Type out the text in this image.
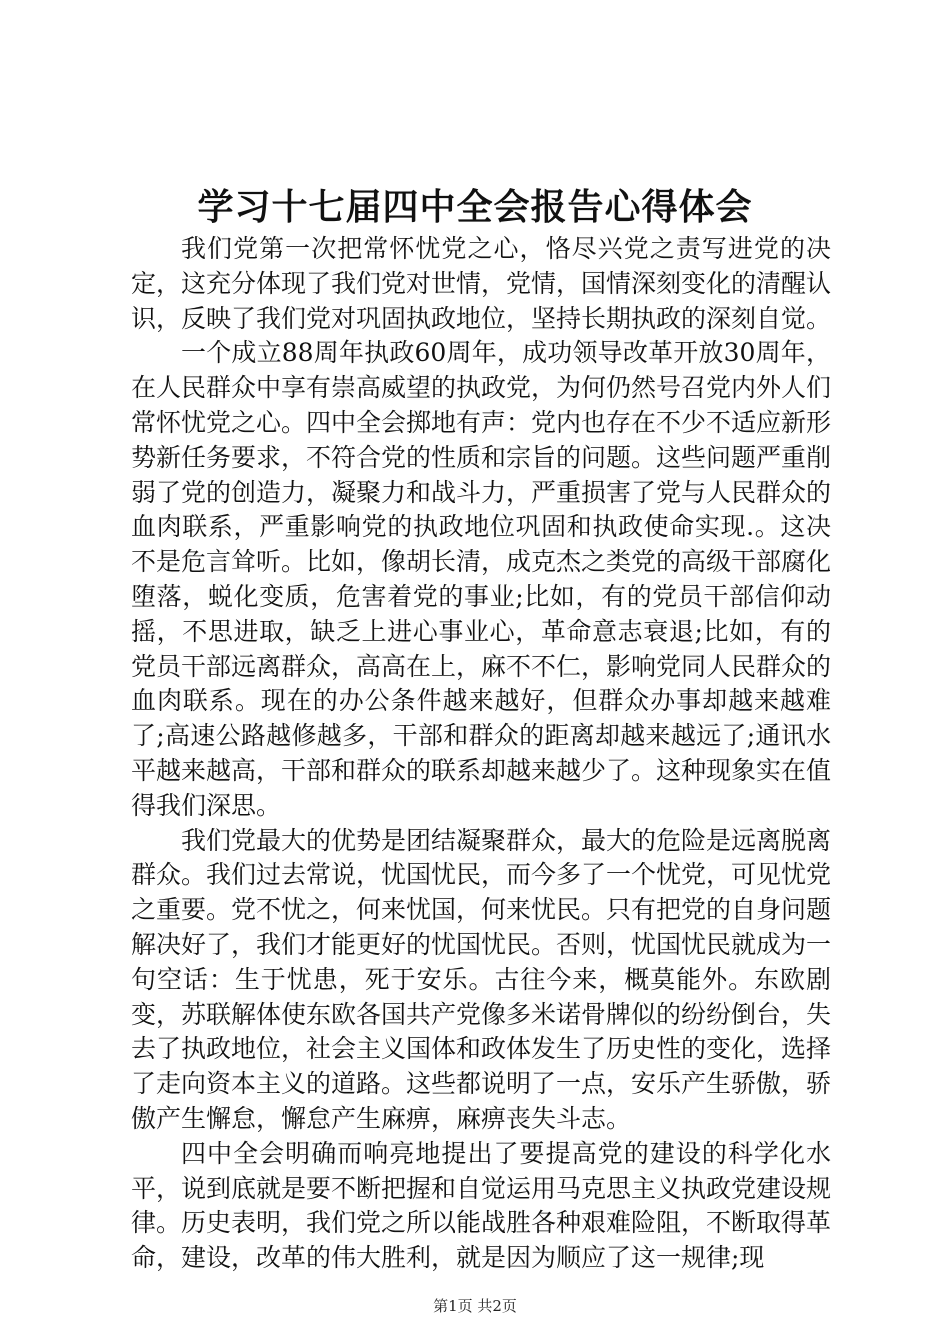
学习十七届四中全会报告心得体会

我们党第一次把常怀忧党之心，恪尽兴党之责写进党的决定，这充分体现了我们党对世情，党情，国情深刻变化的清醒认识，反映了我们党对巩固执政地位，坚持长期执政的深刻自觉。

一个成立88周年执政60周年，成功领导改革开放30周年，在人民群众中享有崇高威望的执政党，为何仍然号召党内外人们常怀忧党之心。四中全会掷地有声：党内也存在不少不适应新形势新任务要求，不符合党的性质和宗旨的问题。这些问题严重削弱了党的创造力，凝聚力和战斗力，严重损害了党与人民群众的血肉联系，严重影响党的执政地位巩固和执政使命实现.。这决不是危言耸听。比如，像胡长清，成克杰之类党的高级干部腐化堕落，蜕化变质，危害着党的事业;比如，有的党员干部信仰动摇，不思进取，缺乏上进心事业心，革命意志衰退;比如，有的党员干部远离群众，高高在上，麻不不仁，影响党同人民群众的血肉联系。现在的办公条件越来越好，但群众办事却越来越难了;高速公路越修越多，干部和群众的距离却越来越远了;通讯水平越来越高，干部和群众的联系却越来越少了。这种现象实在值得我们深思。

我们党最大的优势是团结凝聚群众，最大的危险是远离脱离群众。我们过去常说，忧国忧民，而今多了一个忧党，可见忧党之重要。党不忧之，何来忧国，何来忧民。只有把党的自身问题解决好了，我们才能更好的忧国忧民。否则，忧国忧民就成为一句空话：生于忧患，死于安乐。古往今来，概莫能外。东欧剧变，苏联解体使东欧各国共产党像多米诺骨牌似的纷纷倒台，失去了执政地位，社会主义国体和政体发生了历史性的变化，选择了走向资本主义的道路。这些都说明了一点，安乐产生骄傲，骄傲产生懈怠，懈怠产生麻痹，麻痹丧失斗志。

四中全会明确而响亮地提出了要提高党的建设的科学化水平，说到底就是要不断把握和自觉运用马克思主义执政党建设规律。历史表明，我们党之所以能战胜各种艰难险阻，不断取得革命，建设，改革的伟大胜利，就是因为顺应了这一规律;现

第1页 共2页
